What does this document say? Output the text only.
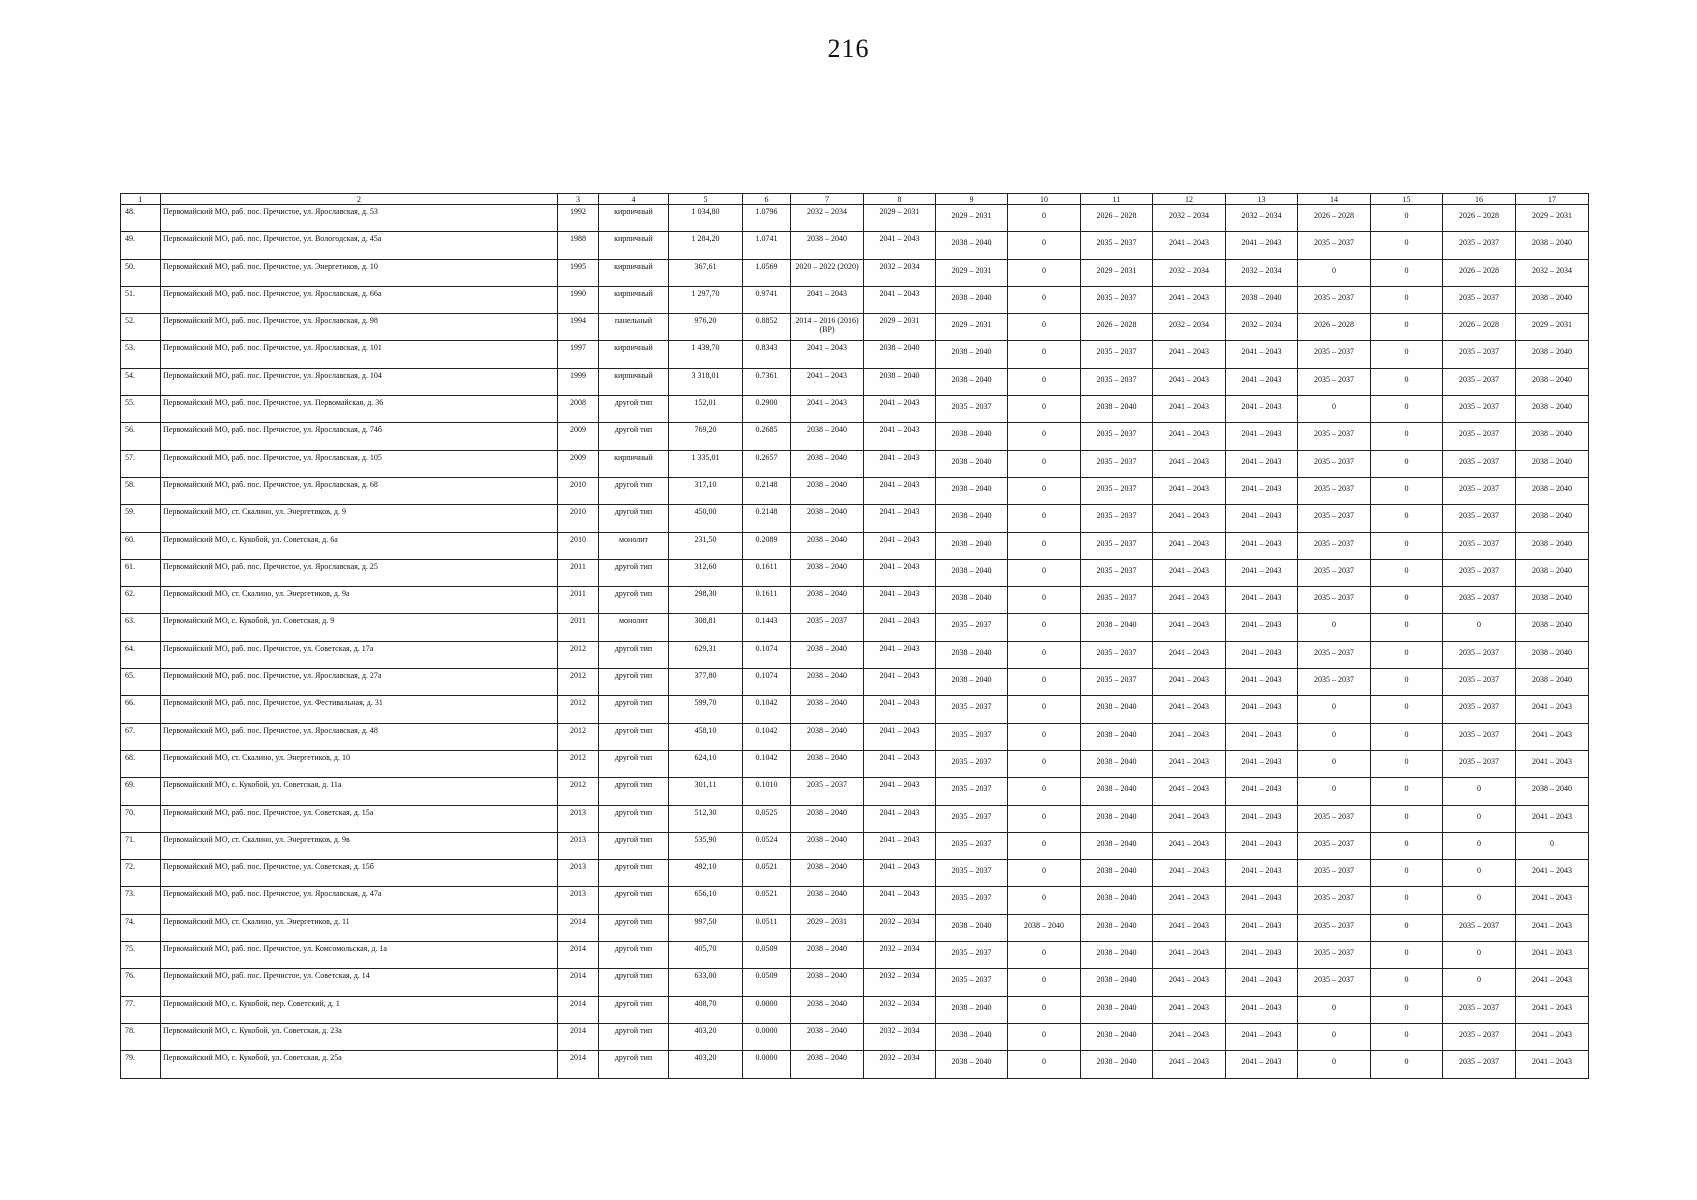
216
1	2	3	4	5	6	7	8	9	10	11	12	13	14	15	16	17
48.	Первомайский МО, раб. пос. Пречистое, ул. Ярославская, д. 53	1992	кирпичный	1 034,80	1.0796	2032 – 2034	2029 – 2031	2029 – 2031	0	2026 – 2028	2032 – 2034	2032 – 2034	2026 – 2028	0	2026 – 2028	2029 – 2031
49.	Первомайский МО, раб. пос. Пречистое, ул. Вологодская, д. 45а	1988	кирпичный	1 284,20	1.0741	2038 – 2040	2041 – 2043	2038 – 2040	0	2035 – 2037	2041 – 2043	2041 – 2043	2035 – 2037	0	2035 – 2037	2038 – 2040
50.	Первомайский МО, раб. пос. Пречистое, ул. Энергетиков, д. 10	1995	кирпичный	367,61	1.0569	2020 – 2022 (2020)	2032 – 2034	2029 – 2031	0	2029 – 2031	2032 – 2034	2032 – 2034	0	0	2026 – 2028	2032 – 2034
51.	Первомайский МО, раб. пос. Пречистое, ул. Ярославская, д. 66а	1990	кирпичный	1 297,70	0.9741	2041 – 2043	2041 – 2043	2038 – 2040	0	2035 – 2037	2041 – 2043	2038 – 2040	2035 – 2037	0	2035 – 2037	2038 – 2040
52.	Первомайский МО, раб. пос. Пречистое, ул. Ярославская, д. 98	1994	панельный	976,20	0.8852	2014 – 2016 (2016) (ВР)	2029 – 2031	2029 – 2031	0	2026 – 2028	2032 – 2034	2032 – 2034	2026 – 2028	0	2026 – 2028	2029 – 2031
53.	Первомайский МО, раб. пос. Пречистое, ул. Ярославская, д. 101	1997	кирпичный	1 439,70	0.8343	2041 – 2043	2038 – 2040	2038 – 2040	0	2035 – 2037	2041 – 2043	2041 – 2043	2035 – 2037	0	2035 – 2037	2038 – 2040
54.	Первомайский МО, раб. пос. Пречистое, ул. Ярославская, д. 104	1999	кирпичный	3 318,01	0.7361	2041 – 2043	2038 – 2040	2038 – 2040	0	2035 – 2037	2041 – 2043	2041 – 2043	2035 – 2037	0	2035 – 2037	2038 – 2040
55.	Первомайский МО, раб. пос. Пречистое, ул. Первомайская, д. 36	2008	другой тип	152,01	0.2900	2041 – 2043	2041 – 2043	2035 – 2037	0	2038 – 2040	2041 – 2043	2041 – 2043	0	0	2035 – 2037	2038 – 2040
56.	Первомайский МО, раб. пос. Пречистое, ул. Ярославская, д. 74б	2009	другой тип	769,20	0.2685	2038 – 2040	2041 – 2043	2038 – 2040	0	2035 – 2037	2041 – 2043	2041 – 2043	2035 – 2037	0	2035 – 2037	2038 – 2040
57.	Первомайский МО, раб. пос. Пречистое, ул. Ярославская, д. 105	2009	кирпичный	1 335,01	0.2657	2038 – 2040	2041 – 2043	2038 – 2040	0	2035 – 2037	2041 – 2043	2041 – 2043	2035 – 2037	0	2035 – 2037	2038 – 2040
58.	Первомайский МО, раб. пос. Пречистое, ул. Ярославская, д. 68	2010	другой тип	317,10	0.2148	2038 – 2040	2041 – 2043	2038 – 2040	0	2035 – 2037	2041 – 2043	2041 – 2043	2035 – 2037	0	2035 – 2037	2038 – 2040
59.	Первомайский МО, ст. Скалино, ул. Энергетиков, д. 9	2010	другой тип	450,00	0.2148	2038 – 2040	2041 – 2043	2038 – 2040	0	2035 – 2037	2041 – 2043	2041 – 2043	2035 – 2037	0	2035 – 2037	2038 – 2040
60.	Первомайский МО, с. Кукобой, ул. Советская, д. 6а	2010	монолит	231,50	0.2089	2038 – 2040	2041 – 2043	2038 – 2040	0	2035 – 2037	2041 – 2043	2041 – 2043	2035 – 2037	0	2035 – 2037	2038 – 2040
61.	Первомайский МО, раб. пос. Пречистое, ул. Ярославская, д. 25	2011	другой тип	312,60	0.1611	2038 – 2040	2041 – 2043	2038 – 2040	0	2035 – 2037	2041 – 2043	2041 – 2043	2035 – 2037	0	2035 – 2037	2038 – 2040
62.	Первомайский МО, ст. Скалино, ул. Энергетиков, д. 9а	2011	другой тип	298,30	0.1611	2038 – 2040	2041 – 2043	2038 – 2040	0	2035 – 2037	2041 – 2043	2041 – 2043	2035 – 2037	0	2035 – 2037	2038 – 2040
63.	Первомайский МО, с. Кукобой, ул. Советская, д. 9	2011	монолит	308,81	0.1443	2035 – 2037	2041 – 2043	2035 – 2037	0	2038 – 2040	2041 – 2043	2041 – 2043	0	0	0	2038 – 2040
64.	Первомайский МО, раб. пос. Пречистое, ул. Советская, д. 17а	2012	другой тип	629,31	0.1074	2038 – 2040	2041 – 2043	2038 – 2040	0	2035 – 2037	2041 – 2043	2041 – 2043	2035 – 2037	0	2035 – 2037	2038 – 2040
65.	Первомайский МО, раб. пос. Пречистое, ул. Ярославская, д. 27а	2012	другой тип	377,80	0.1074	2038 – 2040	2041 – 2043	2038 – 2040	0	2035 – 2037	2041 – 2043	2041 – 2043	2035 – 2037	0	2035 – 2037	2038 – 2040
66.	Первомайский МО, раб. пос. Пречистое, ул. Фестивальная, д. 31	2012	другой тип	599,70	0.1042	2038 – 2040	2041 – 2043	2035 – 2037	0	2038 – 2040	2041 – 2043	2041 – 2043	0	0	2035 – 2037	2041 – 2043
67.	Первомайский МО, раб. пос. Пречистое, ул. Ярославская, д. 48	2012	другой тип	458,10	0.1042	2038 – 2040	2041 – 2043	2035 – 2037	0	2038 – 2040	2041 – 2043	2041 – 2043	0	0	2035 – 2037	2041 – 2043
68.	Первомайский МО, ст. Скалино, ул. Энергетиков, д. 10	2012	другой тип	624,10	0.1042	2038 – 2040	2041 – 2043	2035 – 2037	0	2038 – 2040	2041 – 2043	2041 – 2043	0	0	2035 – 2037	2041 – 2043
69.	Первомайский МО, с. Кукобой, ул. Советская, д. 11а	2012	другой тип	301,11	0.1010	2035 – 2037	2041 – 2043	2035 – 2037	0	2038 – 2040	2041 – 2043	2041 – 2043	0	0	0	2038 – 2040
70.	Первомайский МО, раб. пос. Пречистое, ул. Советская, д. 15а	2013	другой тип	512,30	0.0525	2038 – 2040	2041 – 2043	2035 – 2037	0	2038 – 2040	2041 – 2043	2041 – 2043	2035 – 2037	0	0	2041 – 2043
71.	Первомайский МО, ст. Скалино, ул. Энергетиков, д. 9в	2013	другой тип	535,90	0.0524	2038 – 2040	2041 – 2043	2035 – 2037	0	2038 – 2040	2041 – 2043	2041 – 2043	2035 – 2037	0	0	0
72.	Первомайский МО, раб. пос. Пречистое, ул. Советская, д. 15б	2013	другой тип	492,10	0.0521	2038 – 2040	2041 – 2043	2035 – 2037	0	2038 – 2040	2041 – 2043	2041 – 2043	2035 – 2037	0	0	2041 – 2043
73.	Первомайский МО, раб. пос. Пречистое, ул. Ярославская, д. 47а	2013	другой тип	656,10	0.0521	2038 – 2040	2041 – 2043	2035 – 2037	0	2038 – 2040	2041 – 2043	2041 – 2043	2035 – 2037	0	0	2041 – 2043
74.	Первомайский МО, ст. Скалино, ул. Энергетиков, д. 11	2014	другой тип	997,50	0.0511	2029 – 2031	2032 – 2034	2038 – 2040	2038 – 2040	2038 – 2040	2041 – 2043	2041 – 2043	2035 – 2037	0	2035 – 2037	2041 – 2043
75.	Первомайский МО, раб. пос. Пречистое, ул. Комсомольская, д. 1а	2014	другой тип	405,70	0.0509	2038 – 2040	2032 – 2034	2035 – 2037	0	2038 – 2040	2041 – 2043	2041 – 2043	2035 – 2037	0	0	2041 – 2043
76.	Первомайский МО, раб. пос. Пречистое, ул. Советская, д. 14	2014	другой тип	633,00	0.0509	2038 – 2040	2032 – 2034	2035 – 2037	0	2038 – 2040	2041 – 2043	2041 – 2043	2035 – 2037	0	0	2041 – 2043
77.	Первомайский МО, с. Кукобой, пер. Советский, д. 1	2014	другой тип	408,70	0.0000	2038 – 2040	2032 – 2034	2038 – 2040	0	2038 – 2040	2041 – 2043	2041 – 2043	0	0	2035 – 2037	2041 – 2043
78.	Первомайский МО, с. Кукобой, ул. Советская, д. 23а	2014	другой тип	403,20	0.0000	2038 – 2040	2032 – 2034	2038 – 2040	0	2038 – 2040	2041 – 2043	2041 – 2043	0	0	2035 – 2037	2041 – 2043
79.	Первомайский МО, с. Кукобой, ул. Советская, д. 25а	2014	другой тип	403,20	0.0000	2038 – 2040	2032 – 2034	2038 – 2040	0	2038 – 2040	2041 – 2043	2041 – 2043	0	0	2035 – 2037	2041 – 2043
